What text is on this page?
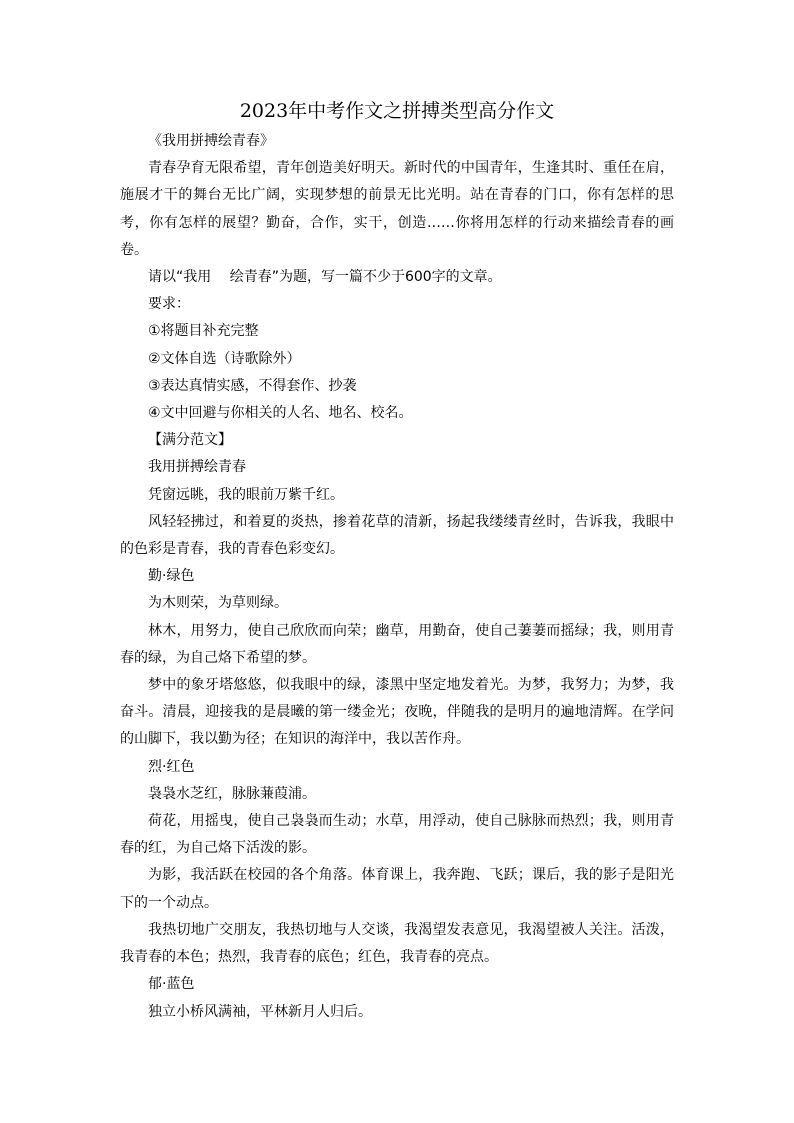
2023年中考作文之拼搏类型高分作文

《我用拼搏绘青春》

青春孕育无限希望，青年创造美好明天。新时代的中国青年，生逢其时、重任在肩，施展才干的舞台无比广阔，实现梦想的前景无比光明。站在青春的门口，你有怎样的思考，你有怎样的展望？勤奋，合作，实干，创造……你将用怎样的行动来描绘青春的画卷。

请以“我用　 绘青春”为题，写一篇不少于600字的文章。

要求：

①将题目补充完整

②文体自选（诗歌除外）

③表达真情实感，不得套作、抄袭

④文中回避与你相关的人名、地名、校名。

【满分范文】

我用拼搏绘青春

凭窗远眺，我的眼前万紫千红。

风轻轻拂过，和着夏的炎热，掺着花草的清新，扬起我缕缕青丝时，告诉我，我眼中的色彩是青春，我的青春色彩变幻。

勤·绿色

为木则荣，为草则绿。

林木，用努力，使自己欣欣而向荣；幽草，用勤奋，使自己萋萋而摇绿；我，则用青春的绿，为自己烙下希望的梦。

梦中的象牙塔悠悠，似我眼中的绿，漆黑中坚定地发着光。为梦，我努力；为梦，我奋斗。清晨，迎接我的是晨曦的第一缕金光；夜晚，伴随我的是明月的遍地清辉。在学问的山脚下，我以勤为径；在知识的海洋中，我以苦作舟。

烈·红色

袅袅水芝红，脉脉蒹葭浦。

荷花，用摇曳，使自己袅袅而生动；水草，用浮动，使自己脉脉而热烈；我，则用青春的红，为自己烙下活泼的影。

为影，我活跃在校园的各个角落。体育课上，我奔跑、飞跃；课后，我的影子是阳光下的一个动点。

我热切地广交朋友，我热切地与人交谈，我渴望发表意见，我渴望被人关注。活泼，我青春的本色；热烈，我青春的底色；红色，我青春的亮点。

郁·蓝色

独立小桥风满袖，平林新月人归后。
